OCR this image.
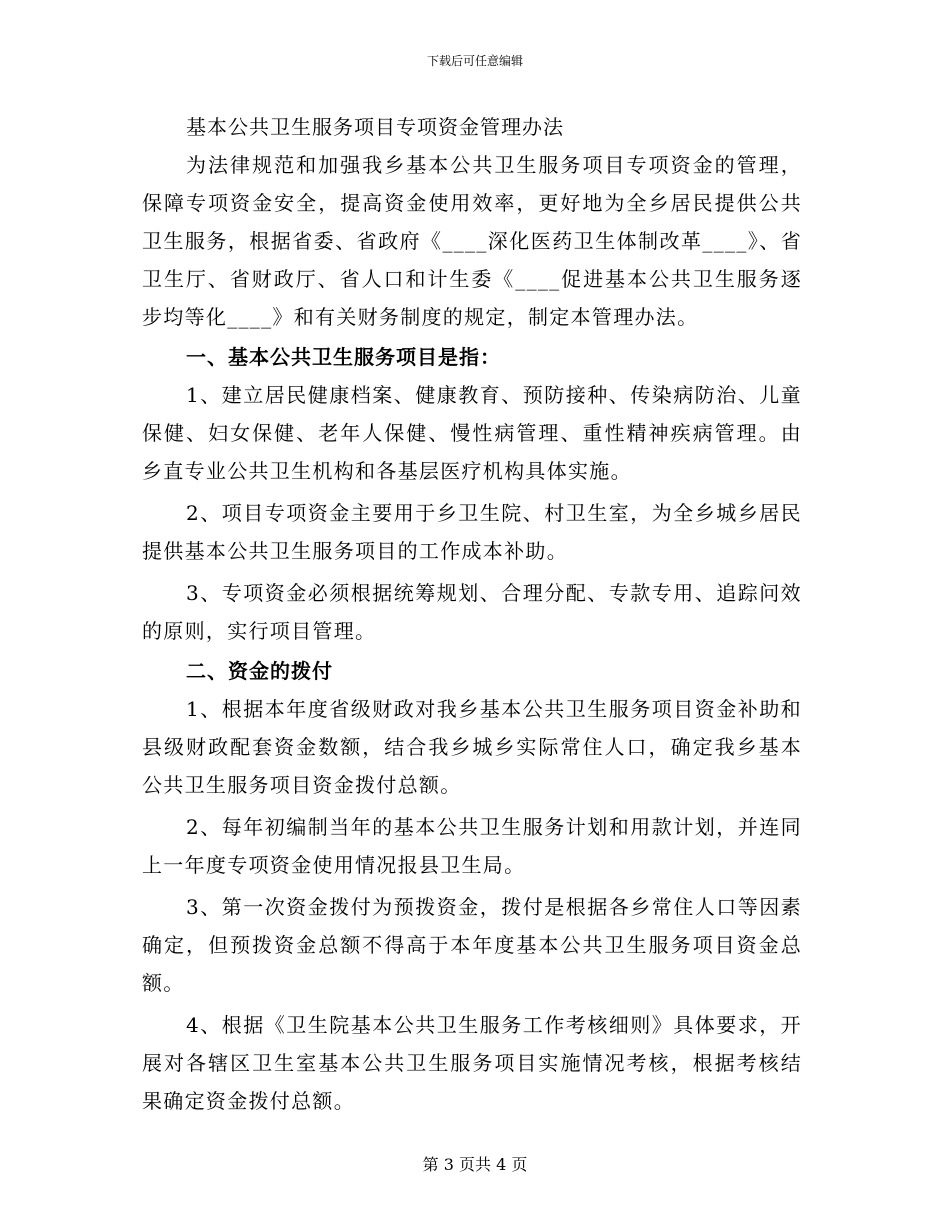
下载后可任意编辑

基本公共卫生服务项目专项资金管理办法

为法律规范和加强我乡基本公共卫生服务项目专项资金的管理，保障专项资金安全，提高资金使用效率，更好地为全乡居民提供公共卫生服务，根据省委、省政府《____深化医药卫生体制改革____》、省卫生厅、省财政厅、省人口和计生委《____促进基本公共卫生服务逐步均等化____》和有关财务制度的规定，制定本管理办法。

一、基本公共卫生服务项目是指：

1、建立居民健康档案、健康教育、预防接种、传染病防治、儿童保健、妇女保健、老年人保健、慢性病管理、重性精神疾病管理。由乡直专业公共卫生机构和各基层医疗机构具体实施。

2、项目专项资金主要用于乡卫生院、村卫生室，为全乡城乡居民提供基本公共卫生服务项目的工作成本补助。

3、专项资金必须根据统筹规划、合理分配、专款专用、追踪问效的原则，实行项目管理。

二、资金的拨付

1、根据本年度省级财政对我乡基本公共卫生服务项目资金补助和县级财政配套资金数额，结合我乡城乡实际常住人口，确定我乡基本公共卫生服务项目资金拨付总额。

2、每年初编制当年的基本公共卫生服务计划和用款计划，并连同上一年度专项资金使用情况报县卫生局。

3、第一次资金拨付为预拨资金，拨付是根据各乡常住人口等因素确定，但预拨资金总额不得高于本年度基本公共卫生服务项目资金总额。

4、根据《卫生院基本公共卫生服务工作考核细则》具体要求，开展对各辖区卫生室基本公共卫生服务项目实施情况考核，根据考核结果确定资金拨付总额。

第 3 页共 4 页
